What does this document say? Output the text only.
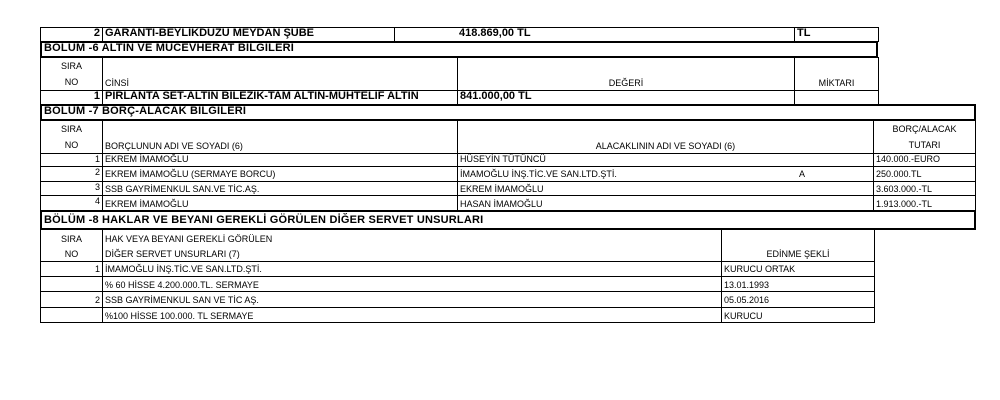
2 GARANTİ-BEYLİKDÜZÜ MEYDAN ŞUBE	418.869,00 TL	TL
BÖLÜM -6 ALTIN VE MÜCEVHERAT BİLGİLERİ
SIRA
NO	CİNSİ	DEĞERİ	MİKTARI
1 PIRLANTA SET-ALTIN BİLEZİK-TAM ALTIN-MUHTELİF ALTIN	841.000,00 TL
BÖLÜM -7 BORÇ-ALACAK BİLGİLERİ
SIRA
NO	BORÇLUNUN ADI VE SOYADI (6)	ALACAKLININ ADI VE SOYADI (6)
BORÇ/ALACAK
TUTARI
1 EKREM İMAMOĞLU	HÜSEYİN TÜTÜNCÜ	140.000.-EURO
2 EKREM İMAMOĞLU (SERMAYE BORCU)	İMAMOĞLU İNŞ.TİC.VE SAN.LTD.ŞTİ.	A	250.000.TL
3 SSB GAYRİMENKUL SAN.VE TİC.AŞ.	EKREM İMAMOĞLU	3.603.000.-TL
4 EKREM İMAMOĞLU	HASAN İMAMOĞLU	1.913.000.-TL
BÖLÜM -8 HAKLAR VE BEYANI GEREKLİ GÖRÜLEN DİĞER SERVET UNSURLARI
SIRA
NO
HAK VEYA BEYANI GEREKLİ GÖRÜLEN
DİĞER SERVET UNSURLARI (7)	EDİNME ŞEKLİ
1 İMAMOĞLU İNŞ.TİC.VE SAN.LTD.ŞTİ.	KURUCU ORTAK
% 60 HİSSE 4.200.000.TL. SERMAYE	13.01.1993
2 SSB GAYRİMENKUL SAN VE TİC AŞ.	05.05.2016
%100 HİSSE 100.000. TL SERMAYE	KURUCU
